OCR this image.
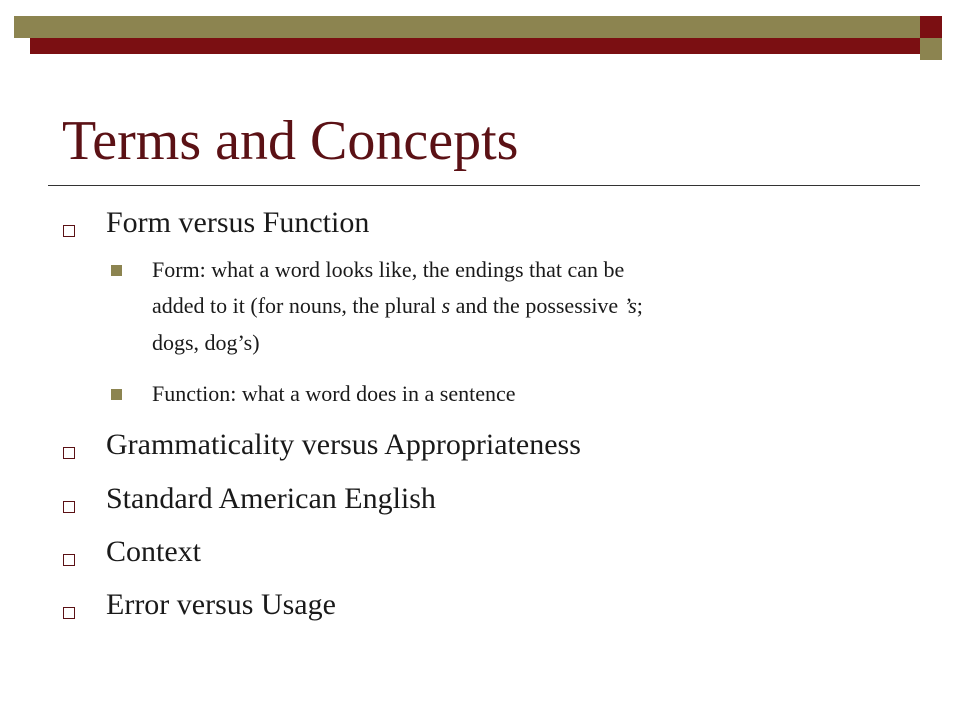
Terms and Concepts
Form versus Function
Form: what a word looks like, the endings that can be
added to it (for nouns, the plural s and the possessive ’s;
dogs, dog’s)
Function: what a word does in a sentence
Grammaticality versus Appropriateness
Standard American English
Context
Error versus Usage
